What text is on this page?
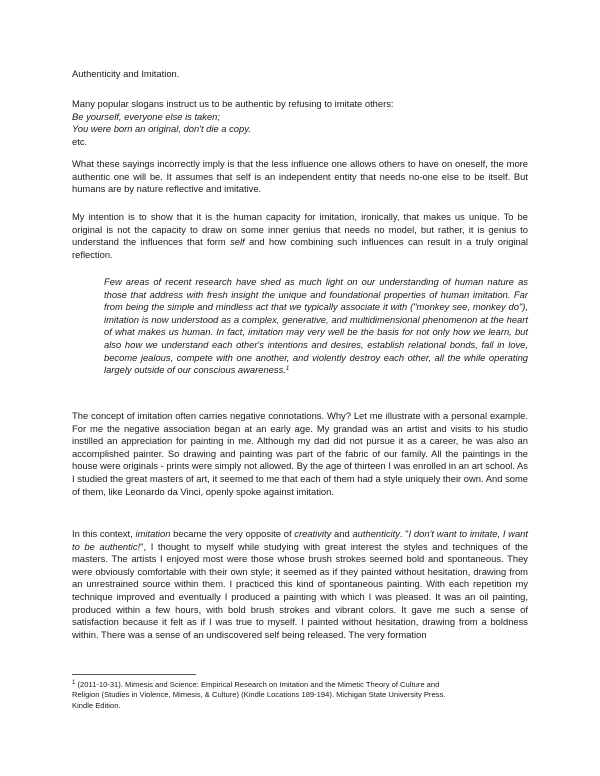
Authenticity and Imitation.

Many popular slogans instruct us to be authentic by refusing to imitate others:
Be yourself, everyone else is taken;
You were born an original, don't die a copy.
etc.

What these sayings incorrectly imply is that the less influence one allows others to have on oneself, the more authentic one will be. It assumes that self is an independent entity that needs no-one else to be itself. But humans are by nature reflective and imitative.

My intention is to show that it is the human capacity for imitation, ironically, that makes us unique. To be original is not the capacity to draw on some inner genius that needs no model, but rather, it is genius to understand the influences that form self and how combining such influences can result in a truly original reflection.

Few areas of recent research have shed as much light on our understanding of human nature as those that address with fresh insight the unique and foundational properties of human imitation. Far from being the simple and mindless act that we typically associate it with ("monkey see, monkey do"), imitation is now understood as a complex, generative, and multidimensional phenomenon at the heart of what makes us human. In fact, imitation may very well be the basis for not only how we learn, but also how we understand each other's intentions and desires, establish relational bonds, fall in love, become jealous, compete with one another, and violently destroy each other, all the while operating largely outside of our conscious awareness.$^1$

The concept of imitation often carries negative connotations. Why? Let me illustrate with a personal example. For me the negative association began at an early age. My grandad was an artist and visits to his studio instilled an appreciation for painting in me. Although my dad did not pursue it as a career, he was also an accomplished painter. So drawing and painting was part of the fabric of our family. All the paintings in the house were originals - prints were simply not allowed. By the age of thirteen I was enrolled in an art school. As I studied the great masters of art, it seemed to me that each of them had a style uniquely their own. And some of them, like Leonardo da Vinci, openly spoke against imitation.

In this context, imitation became the very opposite of creativity and authenticity. "I don't want to imitate, I want to be authentic!", I thought to myself while studying with great interest the styles and techniques of the masters. The artists I enjoyed most were those whose brush strokes seemed bold and spontaneous. They were obviously comfortable with their own style; it seemed as if they painted without hesitation, drawing from an unrestrained source within them. I practiced this kind of spontaneous painting. With each repetition my technique improved and eventually I produced a painting with which I was pleased. It was an oil painting, produced within a few hours, with bold brush strokes and vibrant colors. It gave me such a sense of satisfaction because it felt as if I was true to myself. I painted without hesitation, drawing from a boldness within. There was a sense of an undiscovered self being released. The very formation

$^1$ (2011-10-31). Mimesis and Science: Empirical Research on Imitation and the Mimetic Theory of Culture and
Religion (Studies in Violence, Mimesis, & Culture) (Kindle Locations 189-194). Michigan State University Press.
Kindle Edition.
